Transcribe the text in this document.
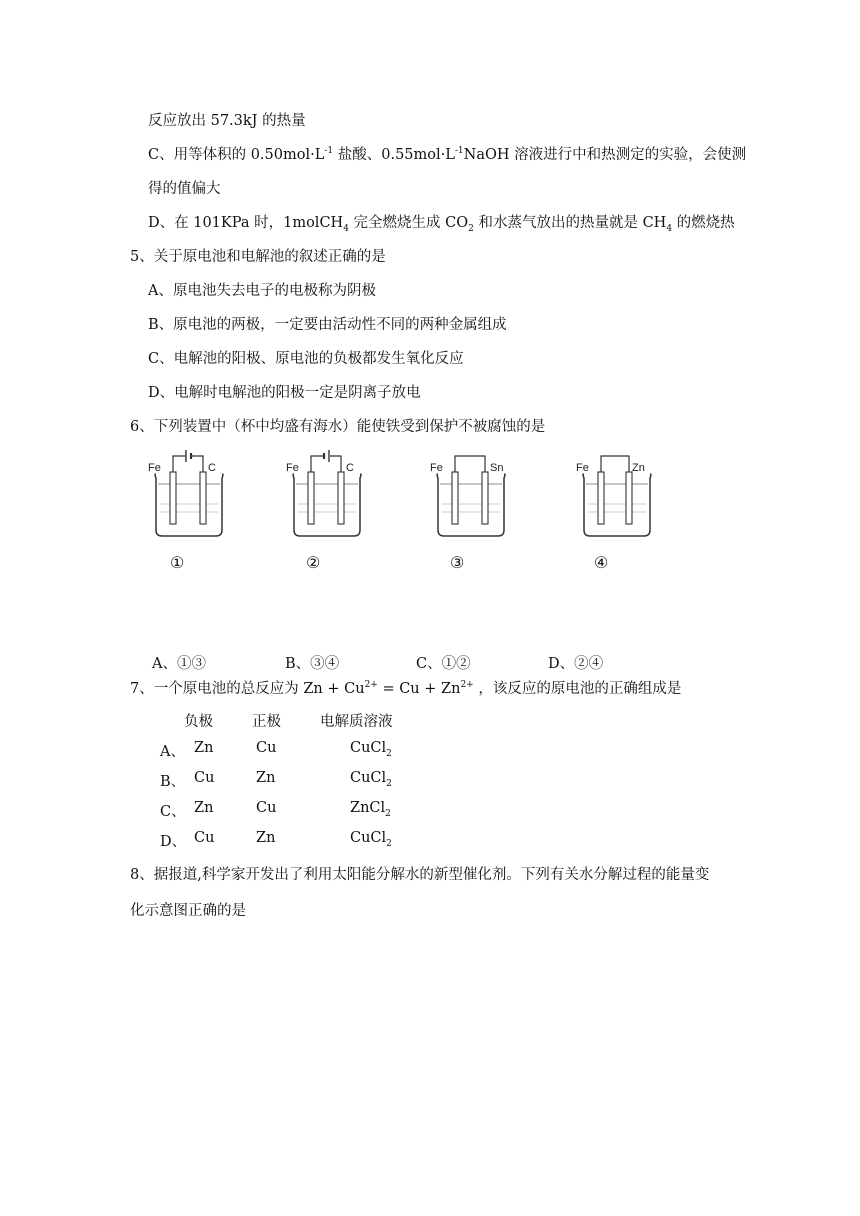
反应放出 57.3kJ 的热量
C、用等体积的 $0.50mol\cdot L^{-1}$ 盐酸、$0.55mol\cdot L^{-1}NaOH$ 溶液进行中和热测定的实验，会使测
得的值偏大
D、在 101KPa 时，1molCH$_4$ 完全燃烧生成 $CO_2$ 和水蒸气放出的热量就是 $CH_4$ 的燃烧热
5、关于原电池和电解池的叙述正确的是
A、原电池失去电子的电极称为阴极
B、原电池的两极，一定要由活动性不同的两种金属组成
C、电解池的阳极、原电池的负极都发生氧化反应
D、电解时电解池的阳极一定是阴离子放电
6、下列装置中（杯中均盛有海水）能使铁受到保护不被腐蚀的是
Fe	C
①
Fe	C
②
Fe	Sn
③
Fe	Zn
④
A、①③	B、③④	C、①②	D、②④
7、一个原电池的总反应为 $Zn + Cu^{2+} = Cu + Zn^{2+}$ ，该反应的原电池的正确组成是
负极	正极	电解质溶液
A、 Zn	Cu	CuCl$_2$
B、 Cu	Zn	CuCl$_2$
C、 Zn	Cu	ZnCl$_2$
D、 Cu	Zn	CuCl$_2$
8、据报道,科学家开发出了利用太阳能分解水的新型催化剂。下列有关水分解过程的能量变
化示意图正确的是
